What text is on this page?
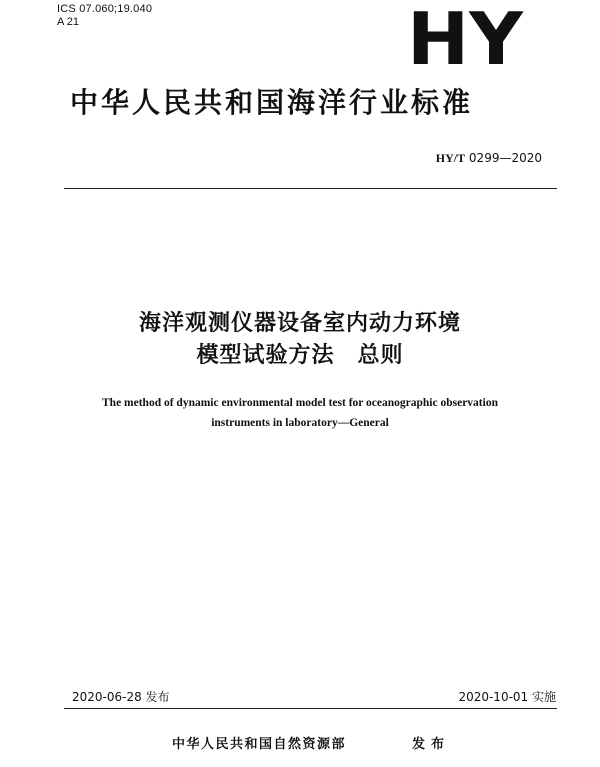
ICS 07.060;19.040
A 21	HY
中华人民共和国海洋行业标准
HY/T 0299—2020
海洋观测仪器设备室内动力环境
模型试验方法　总则
The method of dynamic environmental model test for oceanographic observation
instruments in laboratory—General
2020-06-28 发布	2020-10-01 实施
中华人民共和国自然资源部	发布
